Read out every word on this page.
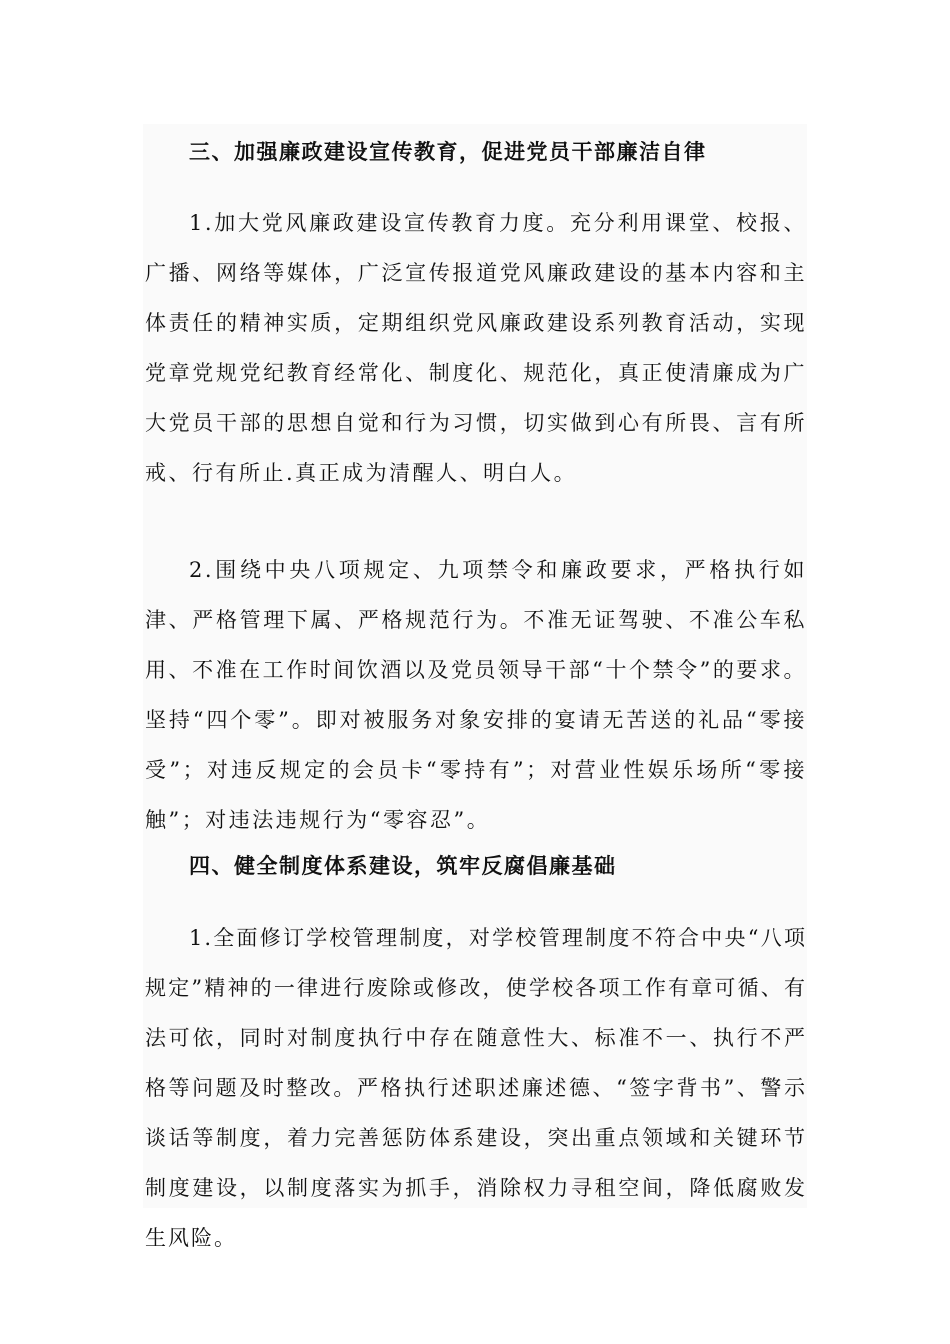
三、加强廉政建设宣传教育，促进党员干部廉洁自律

1.加大党风廉政建设宣传教育力度。充分利用课堂、校报、广播、网络等媒体，广泛宣传报道党风廉政建设的基本内容和主体责任的精神实质，定期组织党风廉政建设系列教育活动，实现党章党规党纪教育经常化、制度化、规范化，真正使清廉成为广大党员干部的思想自觉和行为习惯，切实做到心有所畏、言有所戒、行有所止.真正成为清醒人、明白人。

2.围绕中央八项规定、九项禁令和廉政要求，严格执行如津、严格管理下属、严格规范行为。不准无证驾驶、不准公车私用、不准在工作时间饮酒以及党员领导干部“十个禁令”的要求。坚持“四个零”。即对被服务对象安排的宴请无苦送的礼品“零接受”；对违反规定的会员卡“零持有”；对营业性娱乐场所“零接触”；对违法违规行为“零容忍”。

四、健全制度体系建设，筑牢反腐倡廉基础

1.全面修订学校管理制度，对学校管理制度不符合中央“八项规定”精神的一律进行废除或修改，使学校各项工作有章可循、有法可依，同时对制度执行中存在随意性大、标准不一、执行不严格等问题及时整改。严格执行述职述廉述德、“签字背书”、警示谈话等制度，着力完善惩防体系建设，突出重点领域和关键环节制度建设，以制度落实为抓手，消除权力寻租空间，降低腐败发生风险。
